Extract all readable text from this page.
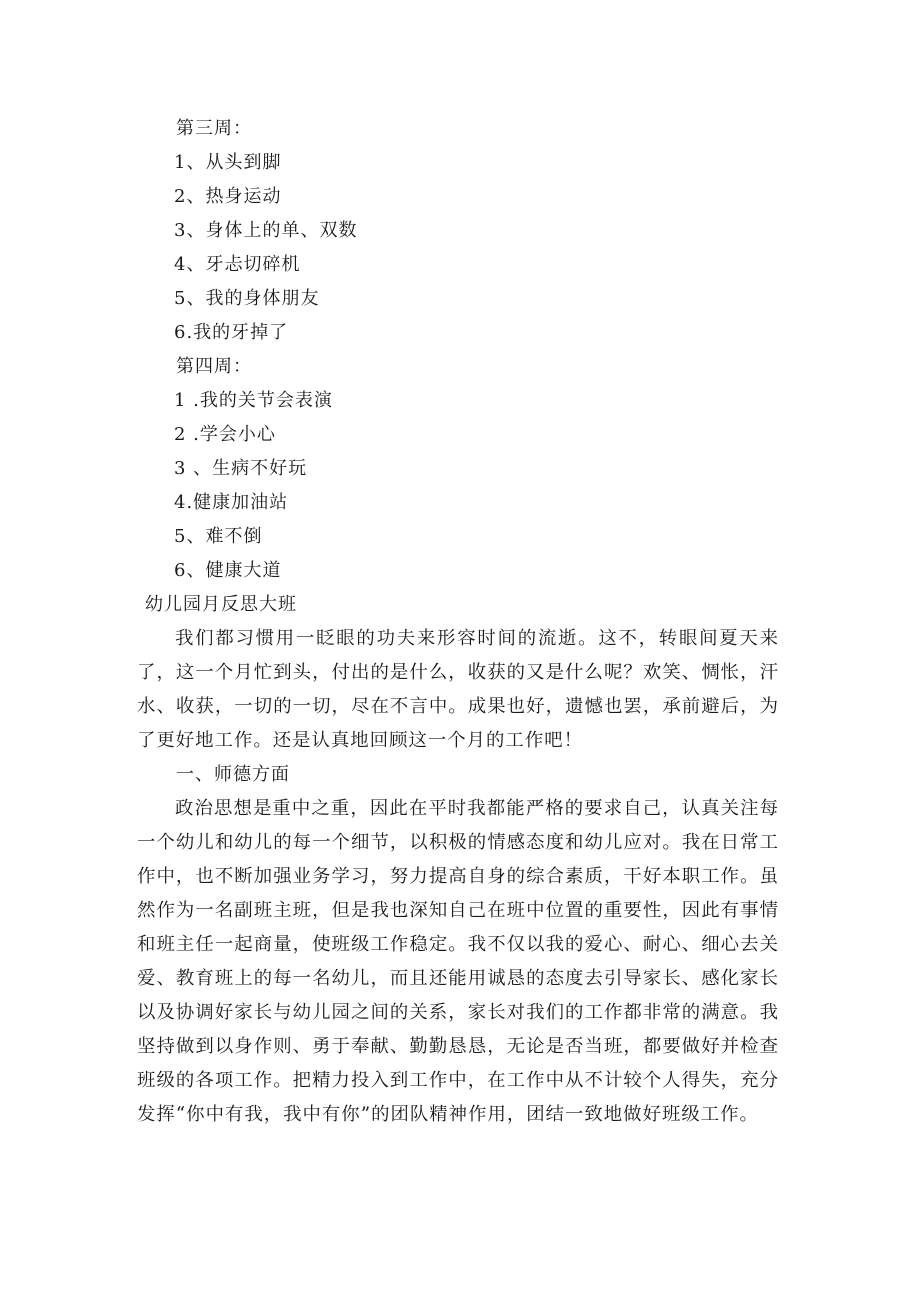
第三周：
1、从头到脚
2、热身运动
3、身体上的单、双数
4、牙忐切碎机
5、我的身体朋友
6.我的牙掉了
第四周：
1 .我的关节会表演
2 .学会小心
3 、生病不好玩
4.健康加油站
5、难不倒
6、健康大道
幼儿园月反思大班

我们都习惯用一眨眼的功夫来形容时间的流逝。这不，转眼间夏天来了，这一个月忙到头，付出的是什么，收获的又是什么呢？欢笑、惆怅，汗水、收获，一切的一切，尽在不言中。成果也好，遗憾也罢，承前避后，为了更好地工作。还是认真地回顾这一个月的工作吧！

一、师德方面

政治思想是重中之重，因此在平时我都能严格的要求自己，认真关注每一个幼儿和幼儿的每一个细节，以积极的情感态度和幼儿应对。我在日常工作中，也不断加强业务学习，努力提高自身的综合素质，干好本职工作。虽然作为一名副班主班，但是我也深知自己在班中位置的重要性，因此有事情和班主任一起商量，使班级工作稳定。我不仅以我的爱心、耐心、细心去关爱、教育班上的每一名幼儿，而且还能用诚恳的态度去引导家长、感化家长以及协调好家长与幼儿园之间的关系，家长对我们的工作都非常的满意。我坚持做到以身作则、勇于奉献、勤勤恳恳，无论是否当班，都要做好并检查班级的各项工作。把精力投入到工作中，在工作中从不计较个人得失，充分发挥“你中有我，我中有你”的团队精神作用，团结一致地做好班级工作。
